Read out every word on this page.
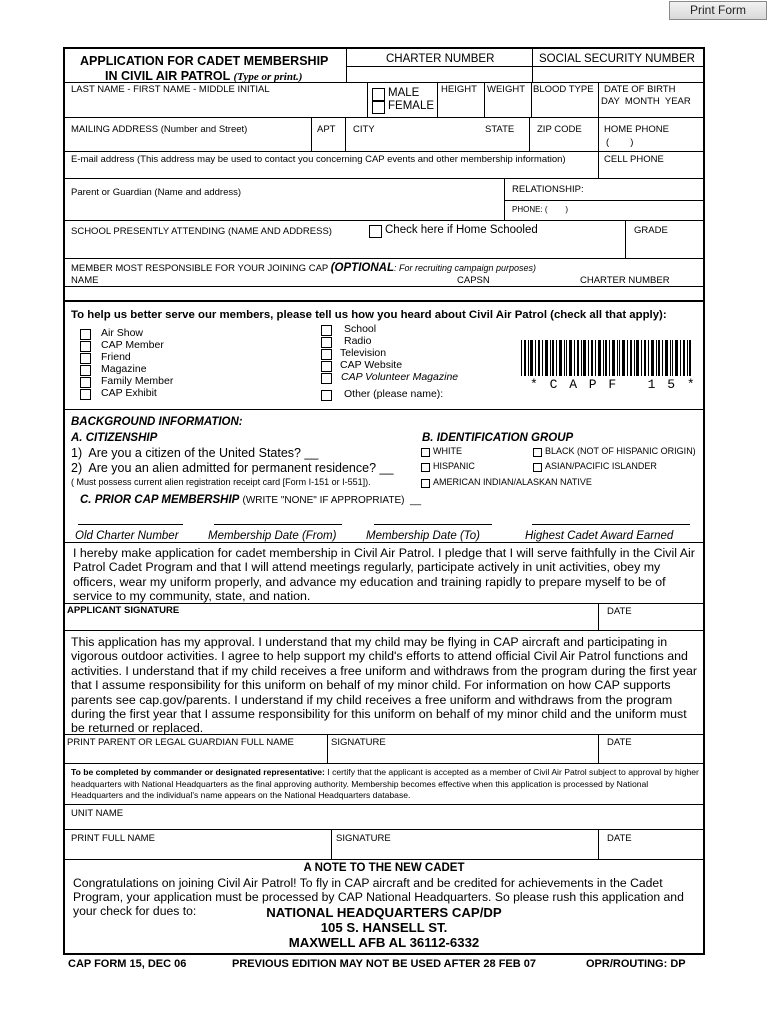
Print Form
APPLICATION FOR CADET MEMBERSHIP
IN CIVIL AIR PATROL (Type or print.)
CHARTER NUMBER	SOCIAL SECURITY NUMBER
LAST NAME - FIRST NAME - MIDDLE INITIAL	MALE
FEMALE
HEIGHT WEIGHT BLOOD TYPE DATE OF BIRTH
DAY  MONTH  YEAR
MAILING ADDRESS (Number and Street)	APT CITY	STATE ZIP CODE HOME PHONE
(        )
E-mail address (This address may be used to contact you concerning CAP events and other membership information)	CELL PHONE
Parent or Guardian (Name and address)	RELATIONSHIP:
PHONE: (        )
SCHOOL PRESENTLY ATTENDING (NAME AND ADDRESS)	Check here if Home Schooled	GRADE
MEMBER MOST RESPONSIBLE FOR YOUR JOINING CAP (OPTIONAL: For recruiting campaign purposes)
NAME	CAPSN	CHARTER NUMBER
To help us better serve our members, please tell us how you heard about Civil Air Patrol (check all that apply):
Air Show
CAP Member
Friend
Magazine
Family Member
CAP Exhibit
School
Radio
Television
CAP Website
CAP Volunteer Magazine
Other (please name):
* C A P F   1 5 *
BACKGROUND INFORMATION:
A. CITIZENSHIP
1)  Are you a citizen of the United States? __
2)  Are you an alien admitted for permanent residence? __
( Must possess current alien registration receipt card [Form I-151 or I-551]).
B. IDENTIFICATION GROUP
WHITE	BLACK (NOT OF HISPANIC ORIGIN)
HISPANIC	ASIAN/PACIFIC ISLANDER
AMERICAN INDIAN/ALASKAN NATIVE
C. PRIOR CAP MEMBERSHIP (WRITE "NONE" IF APPROPRIATE)  __
Old Charter Number	Membership Date (From)	Membership Date (To)	Highest Cadet Award Earned
I hereby make application for cadet membership in Civil Air Patrol. I pledge that I will serve faithfully in the Civil Air Patrol Cadet Program and that I will attend meetings regularly, participate actively in unit activities, obey my officers, wear my uniform properly, and advance my education and training rapidly to prepare myself to be of service to my community, state, and nation.
APPLICANT SIGNATURE	DATE
This application has my approval. I understand that my child may be flying in CAP aircraft and participating in vigorous outdoor activities. I agree to help support my child's efforts to attend official Civil Air Patrol functions and activities. I understand that if my child receives a free uniform and withdraws from the program during the first year that I assume responsibility for this uniform on behalf of my minor child. For information on how CAP supports parents see cap.gov/parents. I understand if my child receives a free uniform and withdraws from the program during the first year that I assume responsibility for this uniform on behalf of my minor child and the uniform must be returned or replaced.
PRINT PARENT OR LEGAL GUARDIAN FULL NAME	SIGNATURE	DATE
To be completed by commander or designated representative: I certify that the applicant is accepted as a member of Civil Air Patrol subject to approval by higher headquarters with National Headquarters as the final approving authority. Membership becomes effective when this application is processed by National Headquarters and the individual's name appears on the National Headquarters database.
UNIT NAME
PRINT FULL NAME	SIGNATURE	DATE
A NOTE TO THE NEW CADET
Congratulations on joining Civil Air Patrol! To fly in CAP aircraft and be credited for achievements in the Cadet Program, your application must be processed by CAP National Headquarters. So please rush this application and your check for dues to:	NATIONAL HEADQUARTERS CAP/DP
105 S. HANSELL ST.
MAXWELL AFB AL 36112-6332
CAP FORM 15, DEC 06	PREVIOUS EDITION MAY NOT BE USED AFTER 28 FEB 07	OPR/ROUTING: DP
